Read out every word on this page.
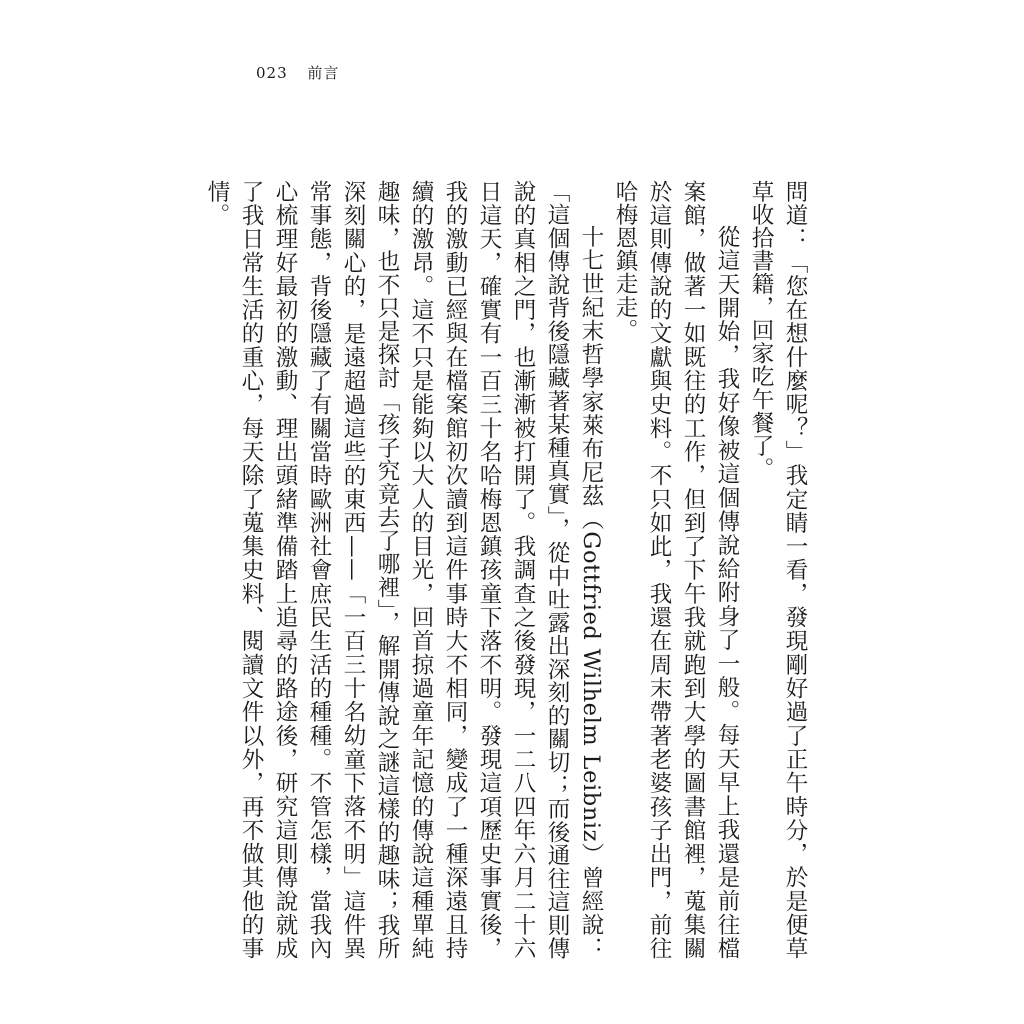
023 前言

問道：「您在想什麼呢？」我定睛一看，發現剛好過了正午時分，於是便草草收拾書籍，回家吃午餐了。

從這天開始，我好像被這個傳說給附身了一般。每天早上我還是前往檔案館，做著一如既往的工作，但到了下午我就跑到大學的圖書館裡，蒐集關於這則傳說的文獻與史料。不只如此，我還在周末帶著老婆孩子出門，前往哈梅恩鎮走走。

十七世紀末哲學家萊布尼茲（Gottfried Wilhelm Leibniz）曾經說：「這個傳說背後隱藏著某種真實」，從中吐露出深刻的關切；而後通往這則傳說的真相之門，也漸漸被打開了。我調查之後發現，一二八四年六月二十六日這天，確實有一百三十名哈梅恩鎮孩童下落不明。發現這項歷史事實後，我的激動已經與在檔案館初次讀到這件事時大不相同，變成了一種深遠且持續的激昂。這不只是能夠以大人的目光，回首掠過童年記憶的傳說這種單純趣味，也不只是探討「孩子究竟去了哪裡」，解開傳說之謎這樣的趣味；我所深刻關心的，是遠超過這些的東西——「一百三十名幼童下落不明」這件異常事態，背後隱藏了有關當時歐洲社會庶民生活的種種。不管怎樣，當我內心梳理好最初的激動、理出頭緒準備踏上追尋的路途後，研究這則傳說就成了我日常生活的重心，每天除了蒐集史料、閱讀文件以外，再不做其他的事情。
